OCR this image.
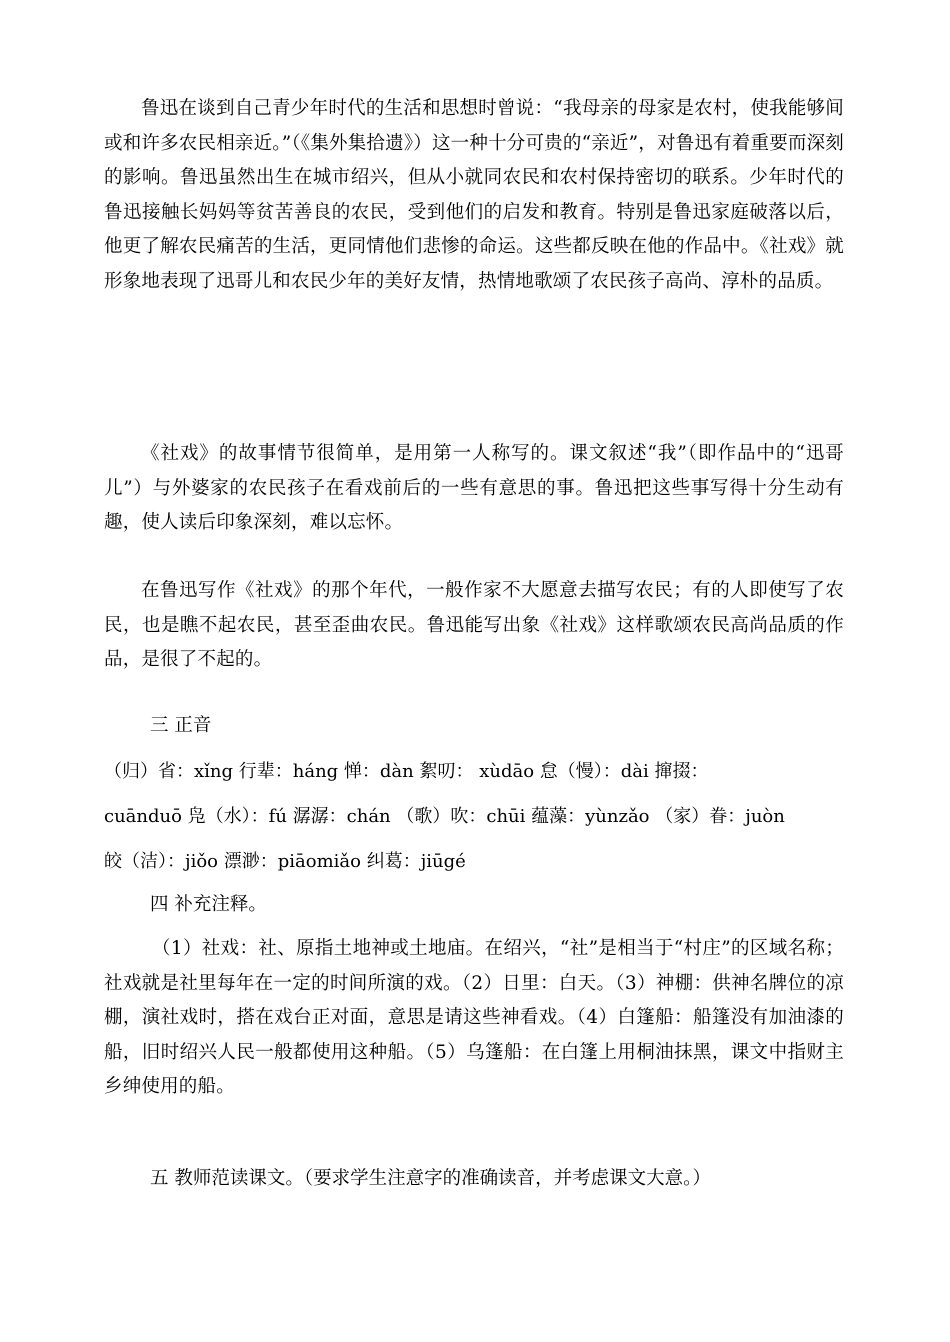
鲁迅在谈到自己青少年时代的生活和思想时曾说：“我母亲的母家是农村，使我能够间或和许多农民相亲近。”（《集外集拾遗》）这一种十分可贵的“亲近”，对鲁迅有着重要而深刻的影响。鲁迅虽然出生在城市绍兴，但从小就同农民和农村保持密切的联系。少年时代的鲁迅接触长妈妈等贫苦善良的农民，受到他们的启发和教育。特别是鲁迅家庭破落以后，他更了解农民痛苦的生活，更同情他们悲惨的命运。这些都反映在他的作品中。《社戏》就形象地表现了迅哥儿和农民少年的美好友情，热情地歌颂了农民孩子高尚、淳朴的品质。

《社戏》的故事情节很简单，是用第一人称写的。课文叙述“我”（即作品中的“迅哥儿”）与外婆家的农民孩子在看戏前后的一些有意思的事。鲁迅把这些事写得十分生动有趣，使人读后印象深刻，难以忘怀。

在鲁迅写作《社戏》的那个年代，一般作家不大愿意去描写农民；有的人即使写了农民，也是瞧不起农民，甚至歪曲农民。鲁迅能写出象《社戏》这样歌颂农民高尚品质的作品，是很了不起的。

三 正音
（归）省：xǐng 行辈：háng 惮：dàn 絮叨： xùdāo 怠（慢）：dài 撺掇：
cuānduō 凫（水）：fú 潺潺：chán （歌）吹：chūi 蕴藻：yùnzǎo （家）眷：juòn
皎（洁）：jiǒo 漂渺：piāomiǎo 纠葛：jiūgé
四 补充注释。

（1）社戏：社、原指土地神或土地庙。在绍兴，“社”是相当于“村庄”的区域名称；社戏就是社里每年在一定的时间所演的戏。（2）日里：白天。（3）神棚：供神名牌位的凉棚，演社戏时，搭在戏台正对面，意思是请这些神看戏。（4）白篷船：船篷没有加油漆的船，旧时绍兴人民一般都使用这种船。（5）乌篷船：在白篷上用桐油抹黑，课文中指财主乡绅使用的船。

五 教师范读课文。（要求学生注意字的准确读音，并考虑课文大意。）
